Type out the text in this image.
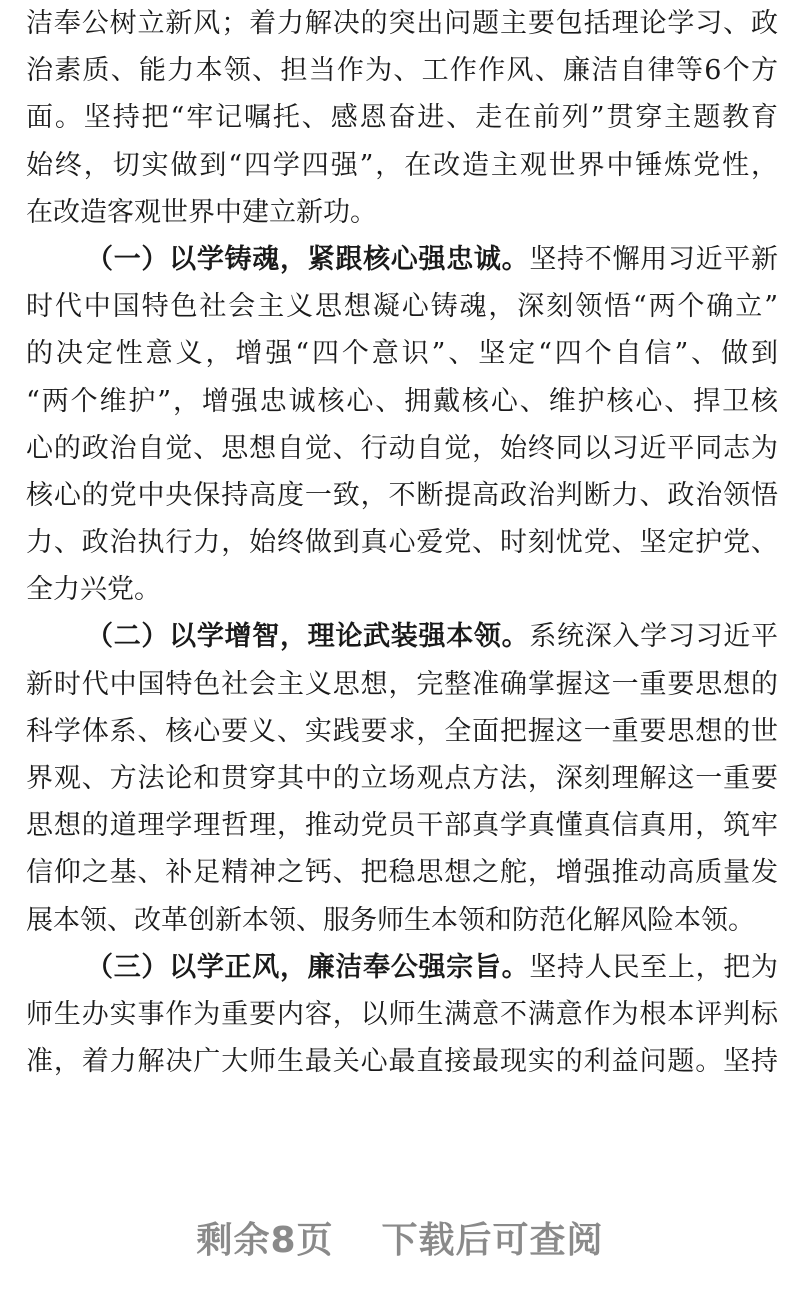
洁奉公树立新风；着力解决的突出问题主要包括理论学习、政
治素质、能力本领、担当作为、工作作风、廉洁自律等6个方
面。坚持把“牢记嘱托、感恩奋进、走在前列”贯穿主题教育
始终，切实做到“四学四强”，在改造主观世界中锤炼党性，
在改造客观世界中建立新功。
（一）以学铸魂，紧跟核心强忠诚。坚持不懈用习近平新
时代中国特色社会主义思想凝心铸魂，深刻领悟“两个确立”
的决定性意义，增强“四个意识”、坚定“四个自信”、做到
“两个维护”，增强忠诚核心、拥戴核心、维护核心、捍卫核
心的政治自觉、思想自觉、行动自觉，始终同以习近平同志为
核心的党中央保持高度一致，不断提高政治判断力、政治领悟
力、政治执行力，始终做到真心爱党、时刻忧党、坚定护党、
全力兴党。
（二）以学增智，理论武装强本领。系统深入学习习近平
新时代中国特色社会主义思想，完整准确掌握这一重要思想的
科学体系、核心要义、实践要求，全面把握这一重要思想的世
界观、方法论和贯穿其中的立场观点方法，深刻理解这一重要
思想的道理学理哲理，推动党员干部真学真懂真信真用，筑牢
信仰之基、补足精神之钙、把稳思想之舵，增强推动高质量发
展本领、改革创新本领、服务师生本领和防范化解风险本领。
（三）以学正风，廉洁奉公强宗旨。坚持人民至上，把为
师生办实事作为重要内容，以师生满意不满意作为根本评判标
准，着力解决广大师生最关心最直接最现实的利益问题。坚持
剩余8页 下载后可查阅
